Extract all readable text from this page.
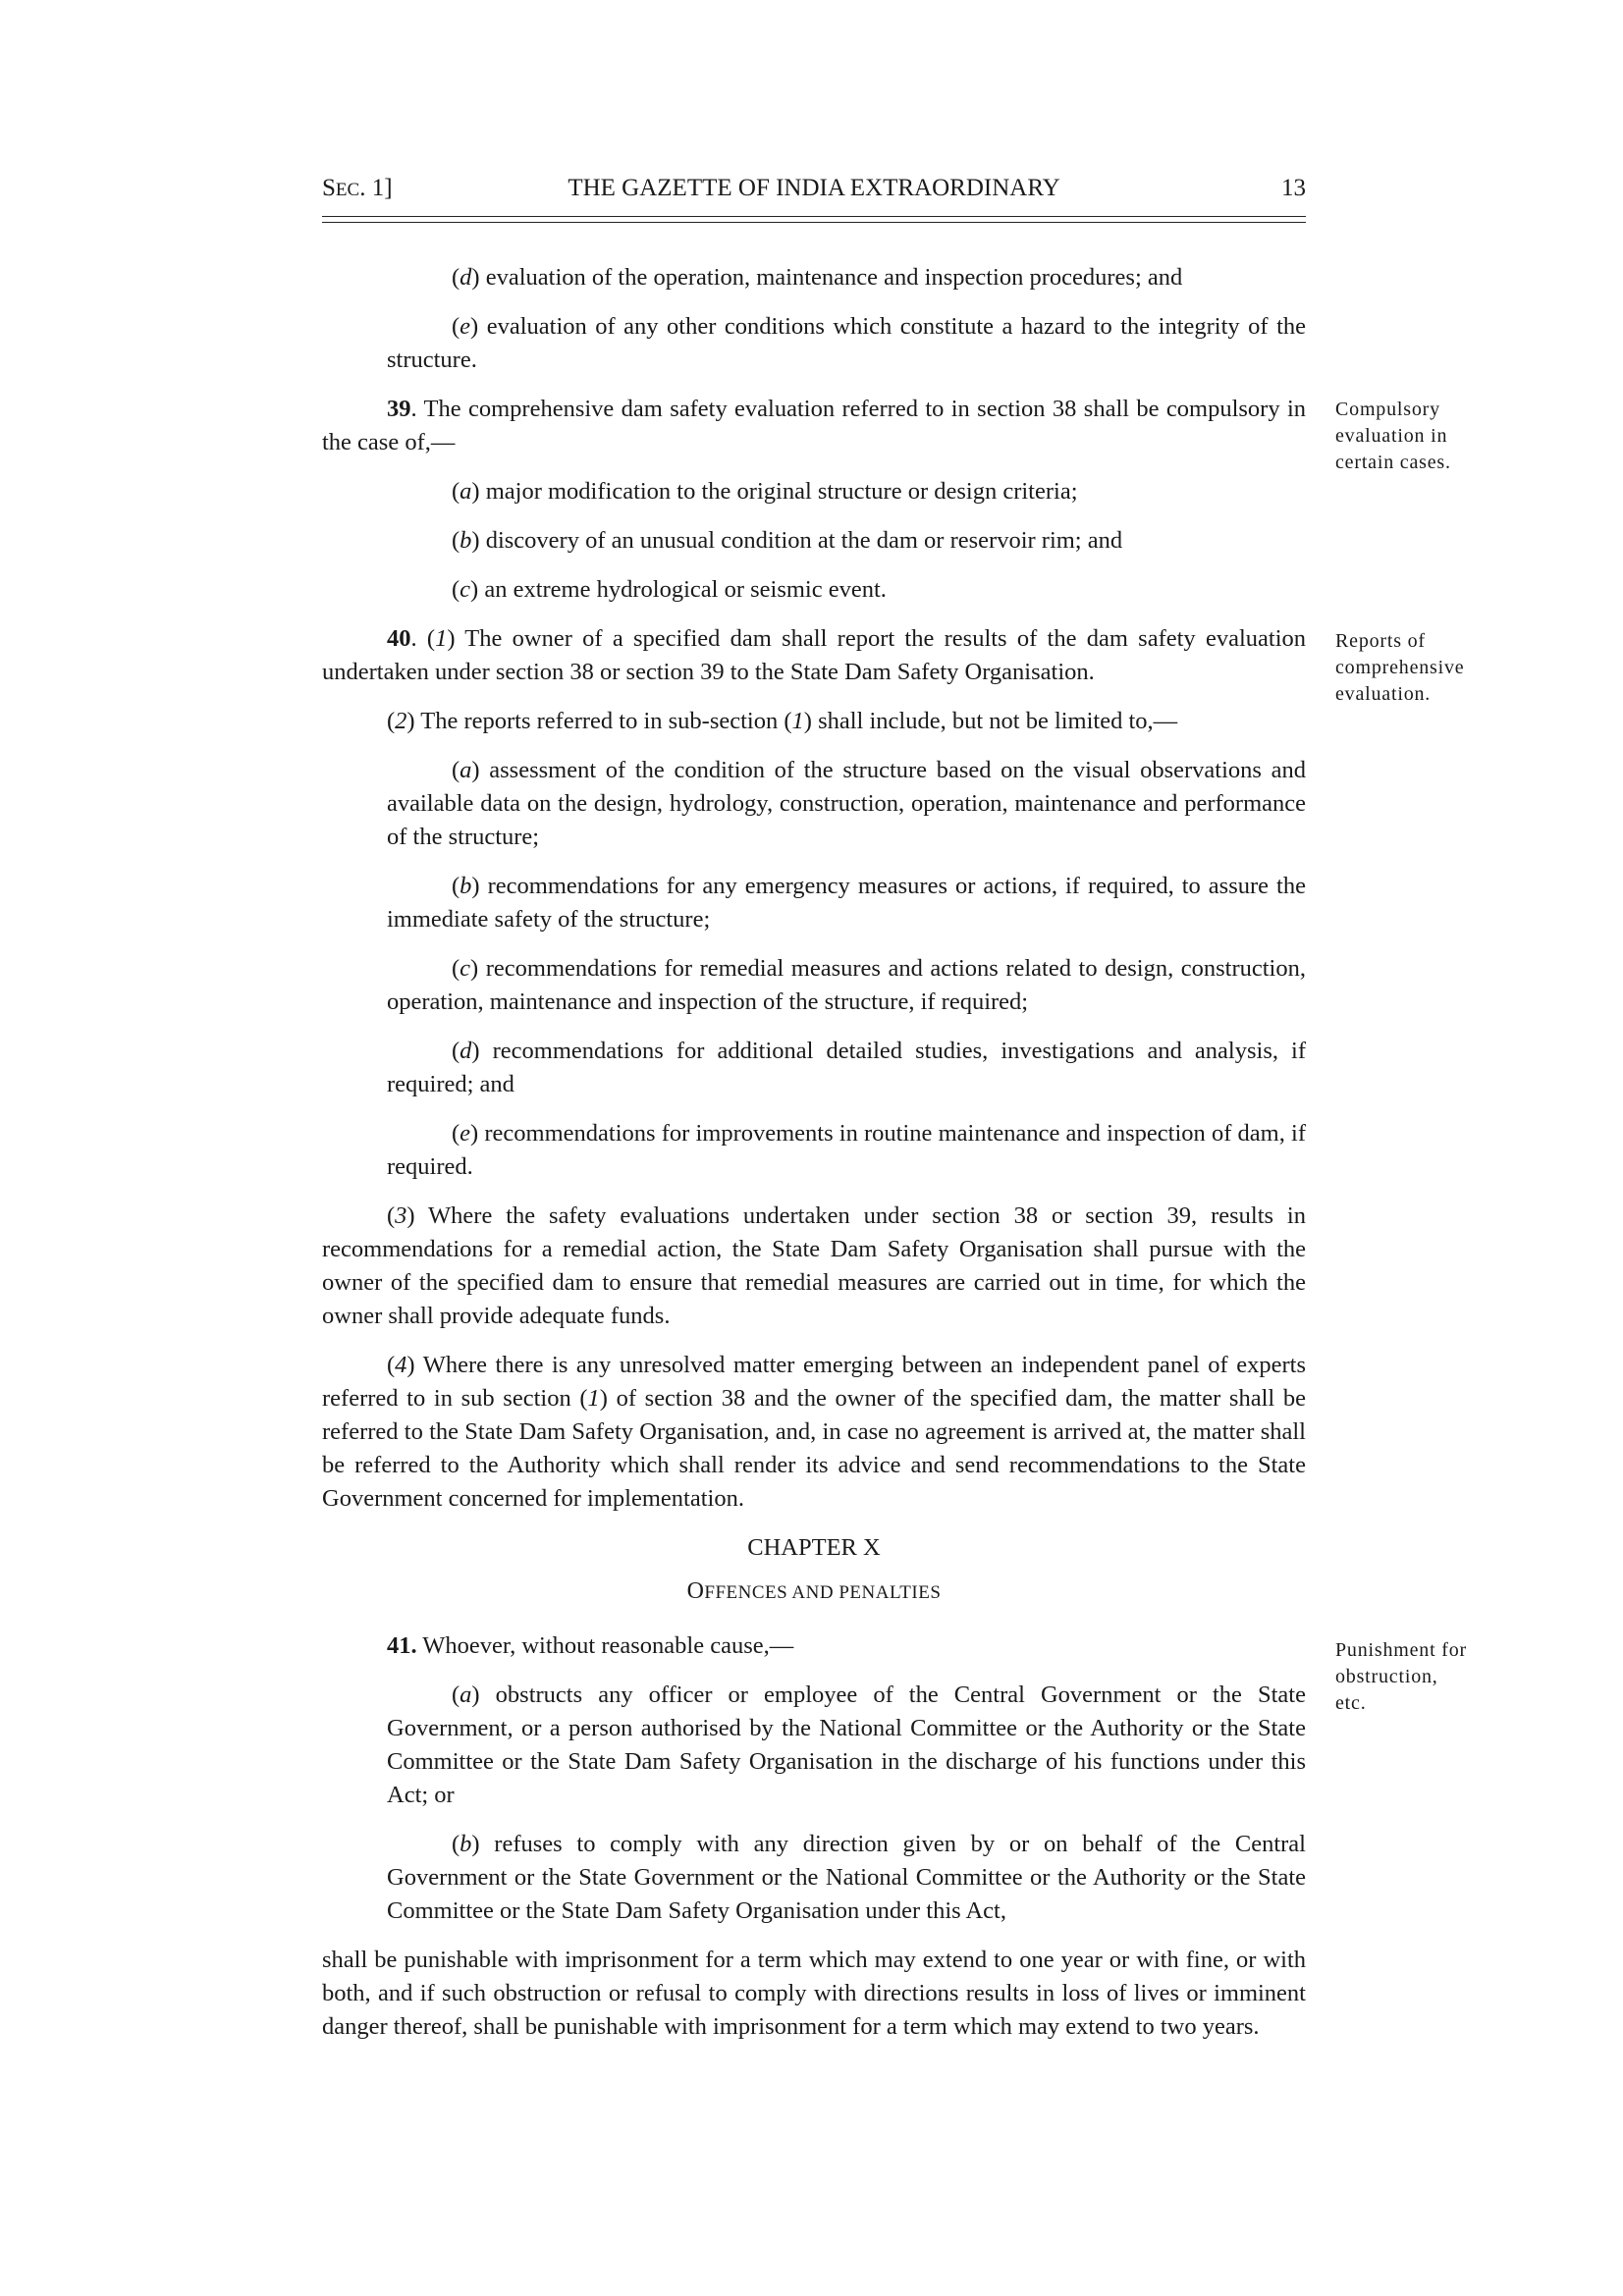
SEC. 1]	THE GAZETTE OF INDIA EXTRAORDINARY	13

(d) evaluation of the operation, maintenance and inspection procedures; and

(e) evaluation of any other conditions which constitute a hazard to the integrity of the structure.

39. The comprehensive dam safety evaluation referred to in section 38 shall be compulsory in the case of,—

(a) major modification to the original structure or design criteria;

(b) discovery of an unusual condition at the dam or reservoir rim; and

(c) an extreme hydrological or seismic event.

40. (1) The owner of a specified dam shall report the results of the dam safety evaluation undertaken under section 38 or section 39 to the State Dam Safety Organisation.

(2) The reports referred to in sub-section (1) shall include, but not be limited to,—

(a) assessment of the condition of the structure based on the visual observations and available data on the design, hydrology, construction, operation, maintenance and performance of the structure;

(b) recommendations for any emergency measures or actions, if required, to assure the immediate safety of the structure;

(c) recommendations for remedial measures and actions related to design, construction, operation, maintenance and inspection of the structure, if required;

(d) recommendations for additional detailed studies, investigations and analysis, if required; and

(e) recommendations for improvements in routine maintenance and inspection of dam, if required.

(3) Where the safety evaluations undertaken under section 38 or section 39, results in recommendations for a remedial action, the State Dam Safety Organisation shall pursue with the owner of the specified dam to ensure that remedial measures are carried out in time, for which the owner shall provide adequate funds.

(4) Where there is any unresolved matter emerging between an independent panel of experts referred to in sub section (1) of section 38 and the owner of the specified dam, the matter shall be referred to the State Dam Safety Organisation, and, in case no agreement is arrived at, the matter shall be referred to the Authority which shall render its advice and send recommendations to the State Government concerned for implementation.

CHAPTER X

OFFENCES AND PENALTIES

41. Whoever, without reasonable cause,—

(a) obstructs any officer or employee of the Central Government or the State Government, or a person authorised by the National Committee or the Authority or the State Committee or the State Dam Safety Organisation in the discharge of his functions under this Act; or

(b) refuses to comply with any direction given by or on behalf of the Central Government or the State Government or the National Committee or the Authority or the State Committee or the State Dam Safety Organisation under this Act,

shall be punishable with imprisonment for a term which may extend to one year or with fine, or with both, and if such obstruction or refusal to comply with directions results in loss of lives or imminent danger thereof, shall be punishable with imprisonment for a term which may extend to two years.

Compulsory
evaluation in
certain cases.
Reports of
comprehensive
evaluation.
Punishment for
obstruction,
etc.
